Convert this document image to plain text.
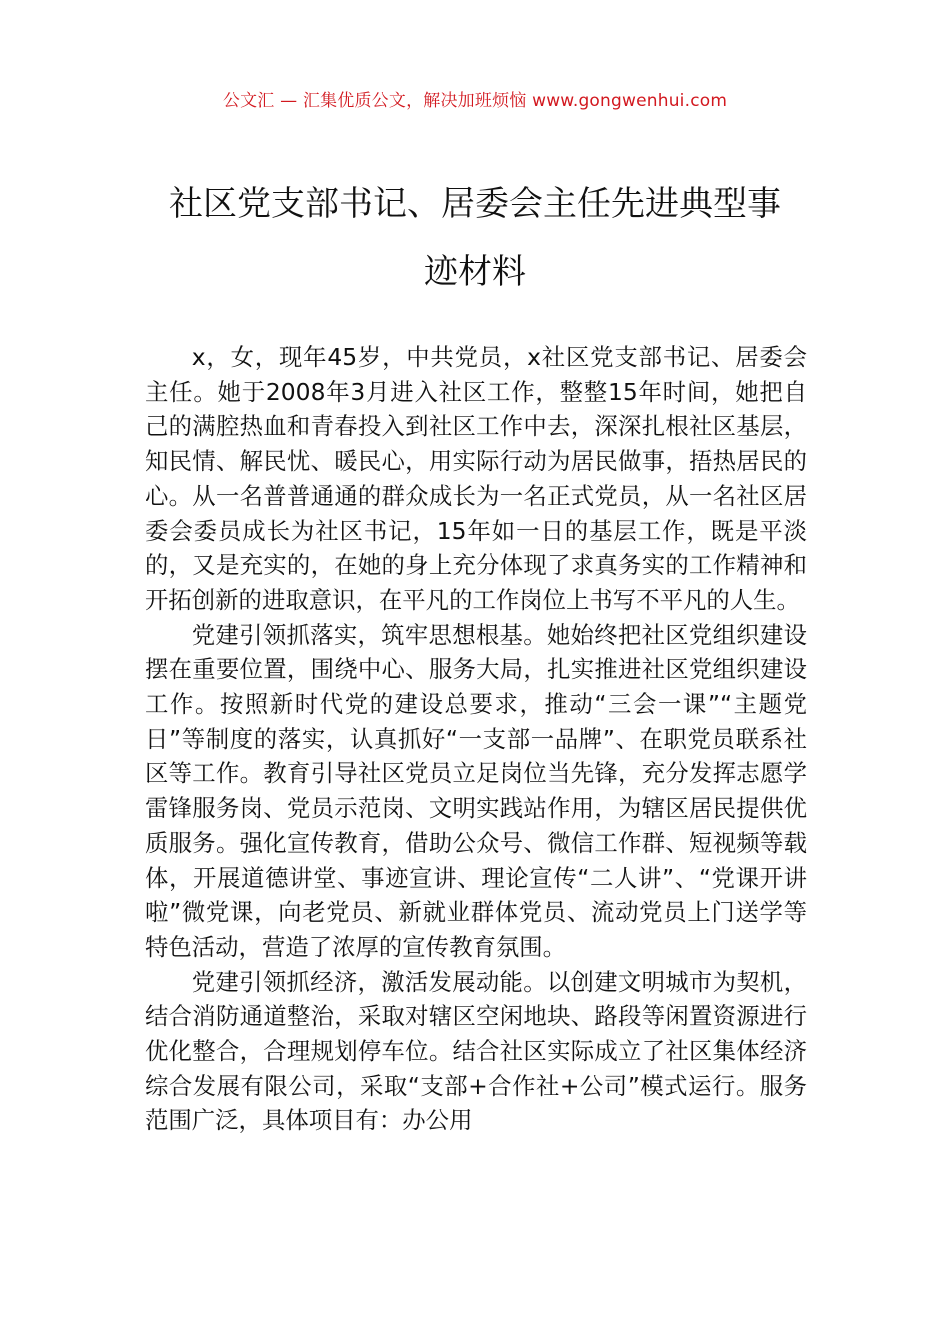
公文汇 — 汇集优质公文，解决加班烦恼 www.gongwenhui.com
社区党支部书记、居委会主任先进典型事
迹材料

x，女，现年45岁，中共党员，x社区党支部书记、居委会主任。她于2008年3月进入社区工作，整整15年时间，她把自己的满腔热血和青春投入到社区工作中去，深深扎根社区基层，知民情、解民忧、暖民心，用实际行动为居民做事，捂热居民的心。从一名普普通通的群众成长为一名正式党员，从一名社区居委会委员成长为社区书记，15年如一日的基层工作，既是平淡的，又是充实的，在她的身上充分体现了求真务实的工作精神和开拓创新的进取意识，在平凡的工作岗位上书写不平凡的人生。

党建引领抓落实，筑牢思想根基。她始终把社区党组织建设摆在重要位置，围绕中心、服务大局，扎实推进社区党组织建设工作。按照新时代党的建设总要求，推动“三会一课”“主题党日”等制度的落实，认真抓好“一支部一品牌”、在职党员联系社区等工作。教育引导社区党员立足岗位当先锋，充分发挥志愿学雷锋服务岗、党员示范岗、文明实践站作用，为辖区居民提供优质服务。强化宣传教育，借助公众号、微信工作群、短视频等载体，开展道德讲堂、事迹宣讲、理论宣传“二人讲”、“党课开讲啦”微党课，向老党员、新就业群体党员、流动党员上门送学等特色活动，营造了浓厚的宣传教育氛围。

党建引领抓经济，激活发展动能。以创建文明城市为契机，结合消防通道整治，采取对辖区空闲地块、路段等闲置资源进行优化整合，合理规划停车位。结合社区实际成立了社区集体经济综合发展有限公司，采取“支部+合作社+公司”模式运行。服务范围广泛，具体项目有：办公用
